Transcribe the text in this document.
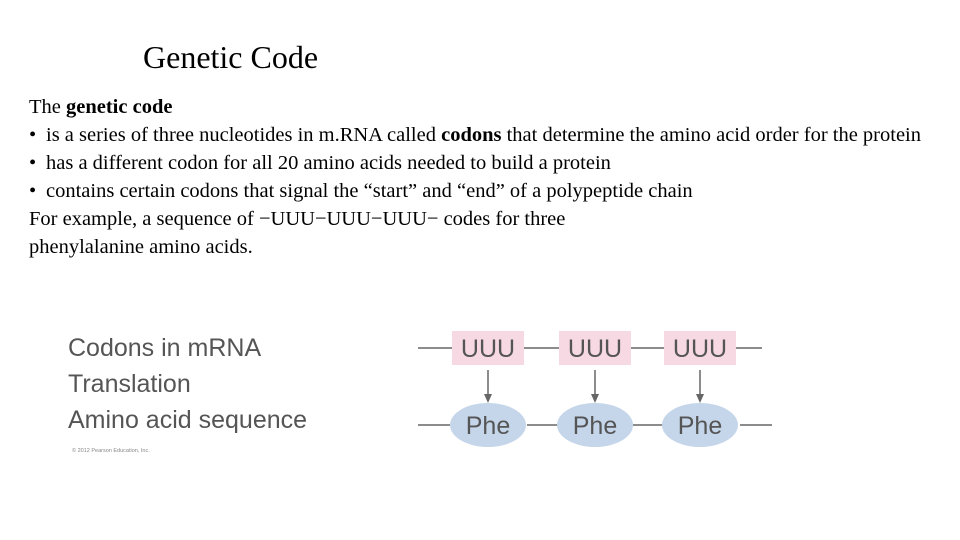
Genetic Code

The genetic code

• is a series of three nucleotides in m.RNA called codons that determine the amino acid order for the protein
• has a different codon for all 20 amino acids needed to build a protein
• contains certain codons that signal the “start” and “end” of a polypeptide chain

For example, a sequence of −UUU−UUU−UUU− codes for three

phenylalanine amino acids.

Codons in mRNA
Translation
Amino acid sequence
© 2012 Pearson Education, Inc.
UUU
Phe
UUU
Phe
UUU
Phe
